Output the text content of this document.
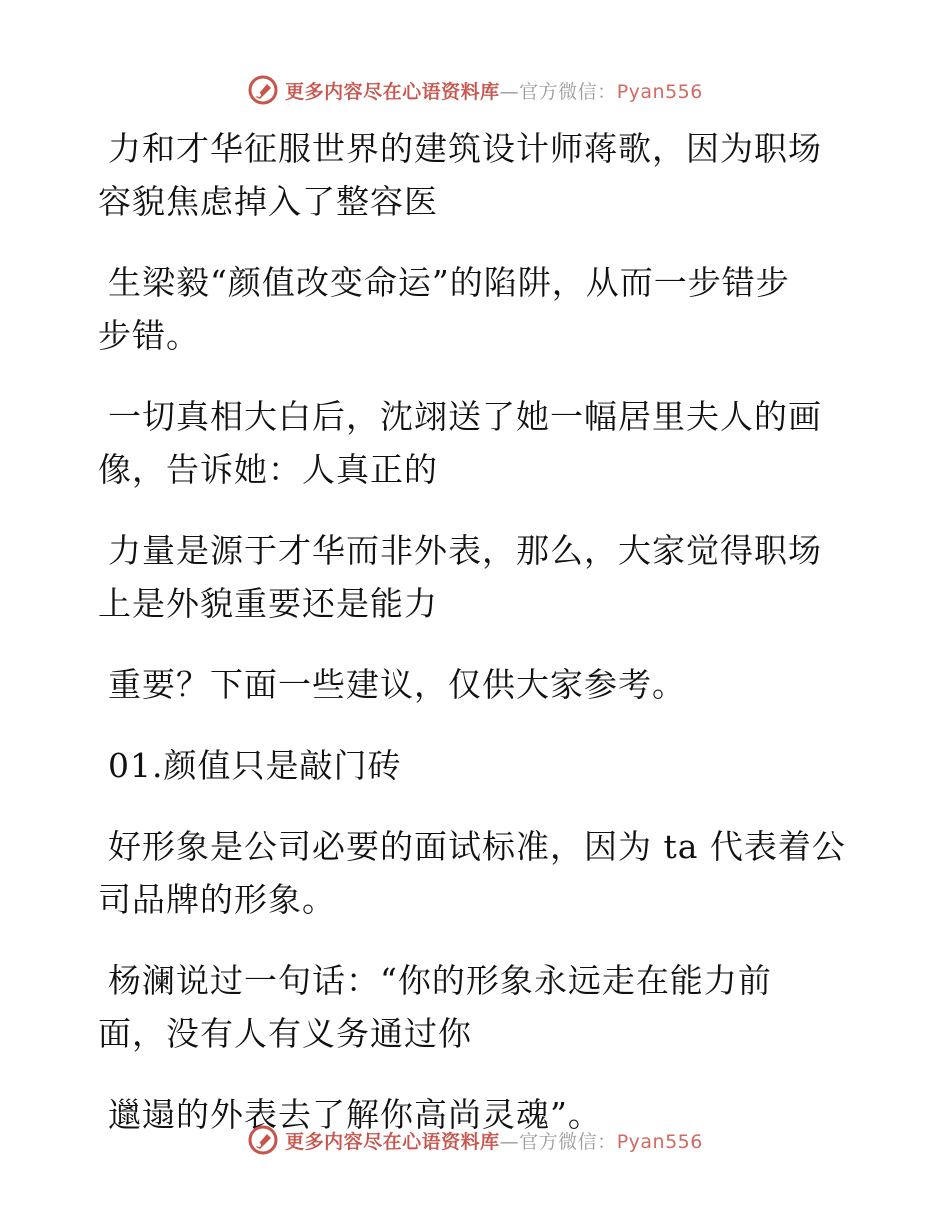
更多内容尽在心语资料库—官方微信：Pyan556

力和才华征服世界的建筑设计师蒋歌，因为职场
容貌焦虑掉入了整容医

生梁毅“颜值改变命运”的陷阱，从而一步错步
步错。

一切真相大白后，沈翊送了她一幅居里夫人的画
像，告诉她：人真正的

力量是源于才华而非外表，那么，大家觉得职场
上是外貌重要还是能力

重要？下面一些建议，仅供大家参考。

01.颜值只是敲门砖

好形象是公司必要的面试标准，因为 ta 代表着公
司品牌的形象。

杨澜说过一句话：“你的形象永远走在能力前
面，没有人有义务通过你

邋遢的外表去了解你高尚灵魂”。

更多内容尽在心语资料库—官方微信：Pyan556
